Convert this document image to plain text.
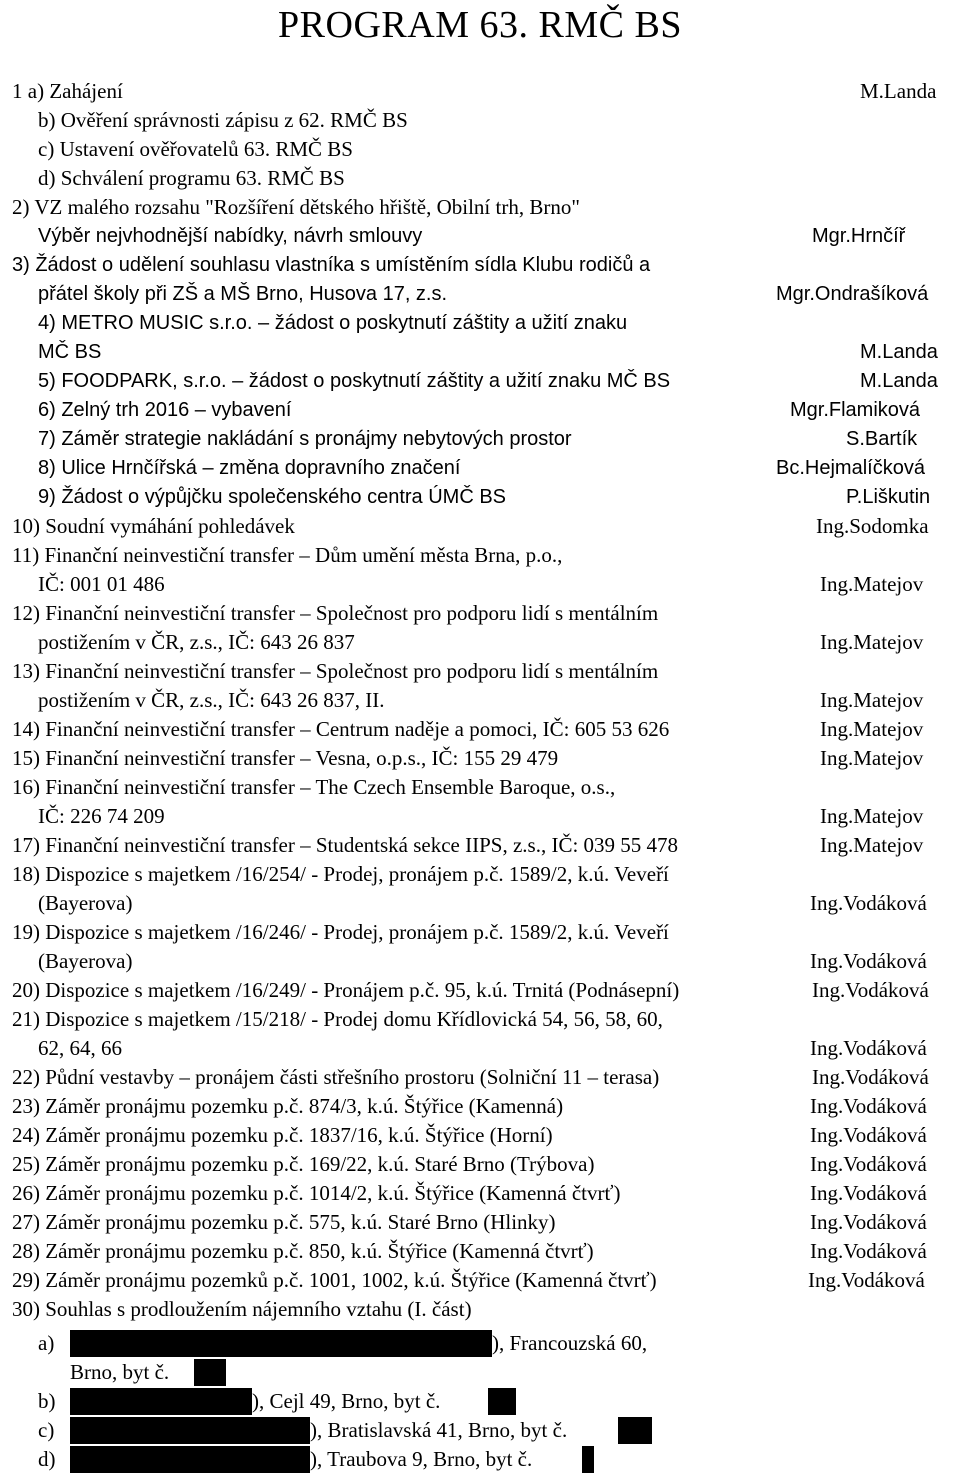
PROGRAM 63. RMČ BS
1 a) Zahájení	M.Landa
b) Ověření správnosti zápisu z 62. RMČ BS
c) Ustavení ověřovatelů 63. RMČ BS
d) Schválení programu 63. RMČ BS
2) VZ malého rozsahu "Rozšíření dětského hřiště, Obilní trh, Brno"
Výběr nejvhodnější nabídky, návrh smlouvy	Mgr.Hrnčíř
3) Žádost o udělení souhlasu vlastníka s umístěním sídla Klubu rodičů a
přátel školy při ZŠ a MŠ Brno, Husova 17, z.s.	Mgr.Ondrašíková
4) METRO MUSIC s.r.o. – žádost o poskytnutí záštity a užití znaku
MČ BS	M.Landa
5) FOODPARK, s.r.o. – žádost o poskytnutí záštity a užití znaku MČ BS	M.Landa
6) Zelný trh 2016 – vybavení	Mgr.Flamiková
7) Záměr strategie nakládání s pronájmy nebytových prostor	S.Bartík
8) Ulice Hrnčířská – změna dopravního značení	Bc.Hejmalíčková
9) Žádost o výpůjčku společenského centra ÚMČ BS	P.Liškutin
10) Soudní vymáhání pohledávek	Ing.Sodomka
11) Finanční neinvestiční transfer – Dům umění města Brna, p.o.,
IČ: 001 01 486	Ing.Matejov
12) Finanční neinvestiční transfer – Společnost pro podporu lidí s mentálním
postižením v ČR, z.s., IČ: 643 26 837	Ing.Matejov
13) Finanční neinvestiční transfer – Společnost pro podporu lidí s mentálním
postižením v ČR, z.s., IČ: 643 26 837, II.	Ing.Matejov
14) Finanční neinvestiční transfer – Centrum naděje a pomoci, IČ: 605 53 626	Ing.Matejov
15) Finanční neinvestiční transfer – Vesna, o.p.s., IČ: 155 29 479	Ing.Matejov
16) Finanční neinvestiční transfer – The Czech Ensemble Baroque, o.s.,
IČ: 226 74 209	Ing.Matejov
17) Finanční neinvestiční transfer – Studentská sekce IIPS, z.s., IČ: 039 55 478	Ing.Matejov
18) Dispozice s majetkem /16/254/ - Prodej, pronájem p.č. 1589/2, k.ú. Veveří
(Bayerova)	Ing.Vodáková
19) Dispozice s majetkem /16/246/ - Prodej, pronájem p.č. 1589/2, k.ú. Veveří
(Bayerova)	Ing.Vodáková
20) Dispozice s majetkem /16/249/ - Pronájem p.č. 95, k.ú. Trnitá (Podnásepní)	Ing.Vodáková
21) Dispozice s majetkem /15/218/ - Prodej domu Křídlovická 54, 56, 58, 60,
62, 64, 66	Ing.Vodáková
22) Půdní vestavby – pronájem části střešního prostoru (Solniční 11 – terasa)	Ing.Vodáková
23) Záměr pronájmu pozemku p.č. 874/3, k.ú. Štýřice (Kamenná)	Ing.Vodáková
24) Záměr pronájmu pozemku p.č. 1837/16, k.ú. Štýřice (Horní)	Ing.Vodáková
25) Záměr pronájmu pozemku p.č. 169/22, k.ú. Staré Brno (Trýbova)	Ing.Vodáková
26) Záměr pronájmu pozemku p.č. 1014/2, k.ú. Štýřice (Kamenná čtvrť)	Ing.Vodáková
27) Záměr pronájmu pozemku p.č. 575, k.ú. Staré Brno (Hlinky)	Ing.Vodáková
28) Záměr pronájmu pozemku p.č. 850, k.ú. Štýřice (Kamenná čtvrť)	Ing.Vodáková
29) Záměr pronájmu pozemků p.č. 1001, 1002, k.ú. Štýřice (Kamenná čtvrť)	Ing.Vodáková
30) Souhlas s prodloužením nájemního vztahu (I. část)
a)	), Francouzská 60,
Brno, byt č.
b)	), Cejl 49, Brno, byt č.
c)	), Bratislavská 41, Brno, byt č.
d)	), Traubova 9, Brno, byt č.
